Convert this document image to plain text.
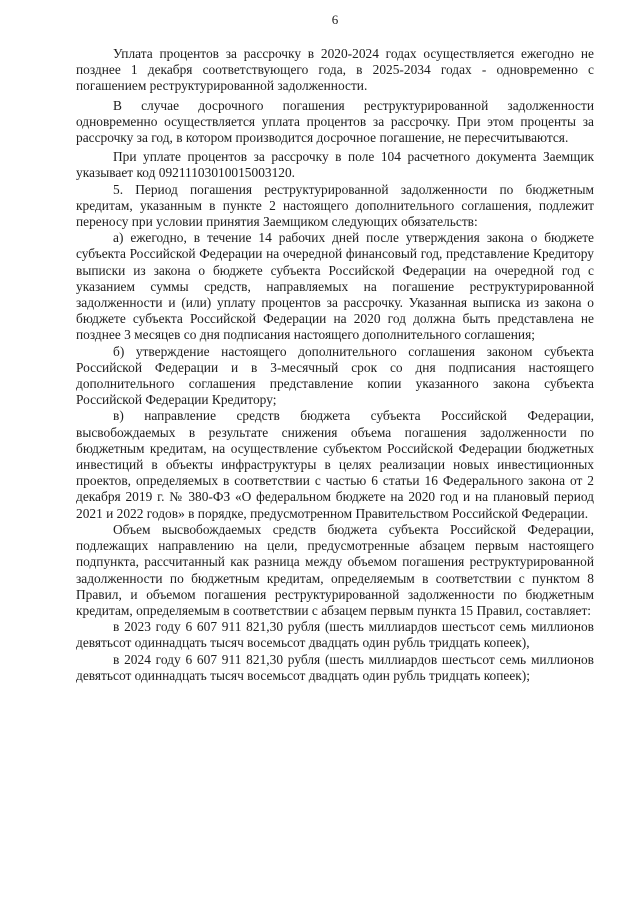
6

Уплата процентов за рассрочку в 2020-2024 годах осуществляется ежегодно не позднее 1 декабря соответствующего года, в 2025-2034 годах - одновременно с погашением реструктурированной задолженности.

В случае досрочного погашения реструктурированной задолженности одновременно осуществляется уплата процентов за рассрочку. При этом проценты за рассрочку за год, в котором производится досрочное погашение, не пересчитываются.

При уплате процентов за рассрочку в поле 104 расчетного документа Заемщик указывает код 09211103010015003120.

5. Период погашения реструктурированной задолженности по бюджетным кредитам, указанным в пункте 2 настоящего дополнительного соглашения, подлежит переносу при условии принятия Заемщиком следующих обязательств:

а) ежегодно, в течение 14 рабочих дней после утверждения закона о бюджете субъекта Российской Федерации на очередной финансовый год, представление Кредитору выписки из закона о бюджете субъекта Российской Федерации на очередной год с указанием суммы средств, направляемых на погашение реструктурированной задолженности и (или) уплату процентов за рассрочку. Указанная выписка из закона о бюджете субъекта Российской Федерации на 2020 год должна быть представлена не позднее 3 месяцев со дня подписания настоящего дополнительного соглашения;

б) утверждение настоящего дополнительного соглашения законом субъекта Российской Федерации и в 3-месячный срок со дня подписания настоящего дополнительного соглашения представление копии указанного закона субъекта Российской Федерации Кредитору;

в) направление средств бюджета субъекта Российской Федерации, высвобождаемых в результате снижения объема погашения задолженности по бюджетным кредитам, на осуществление субъектом Российской Федерации бюджетных инвестиций в объекты инфраструктуры в целях реализации новых инвестиционных проектов, определяемых в соответствии с частью 6 статьи 16 Федерального закона от 2 декабря 2019 г. № 380-ФЗ «О федеральном бюджете на 2020 год и на плановый период 2021 и 2022 годов» в порядке, предусмотренном Правительством Российской Федерации.

Объем высвобождаемых средств бюджета субъекта Российской Федерации, подлежащих направлению на цели, предусмотренные абзацем первым настоящего подпункта, рассчитанный как разница между объемом погашения реструктурированной задолженности по бюджетным кредитам, определяемым в соответствии с пунктом 8 Правил, и объемом погашения реструктурированной задолженности по бюджетным кредитам, определяемым в соответствии с абзацем первым пункта 15 Правил, составляет:

в 2023 году 6 607 911 821,30 рубля (шесть миллиардов шестьсот семь миллионов девятьсот одиннадцать тысяч восемьсот двадцать один рубль тридцать копеек),

в 2024 году 6 607 911 821,30 рубля (шесть миллиардов шестьсот семь миллионов девятьсот одиннадцать тысяч восемьсот двадцать один рубль тридцать копеек);
